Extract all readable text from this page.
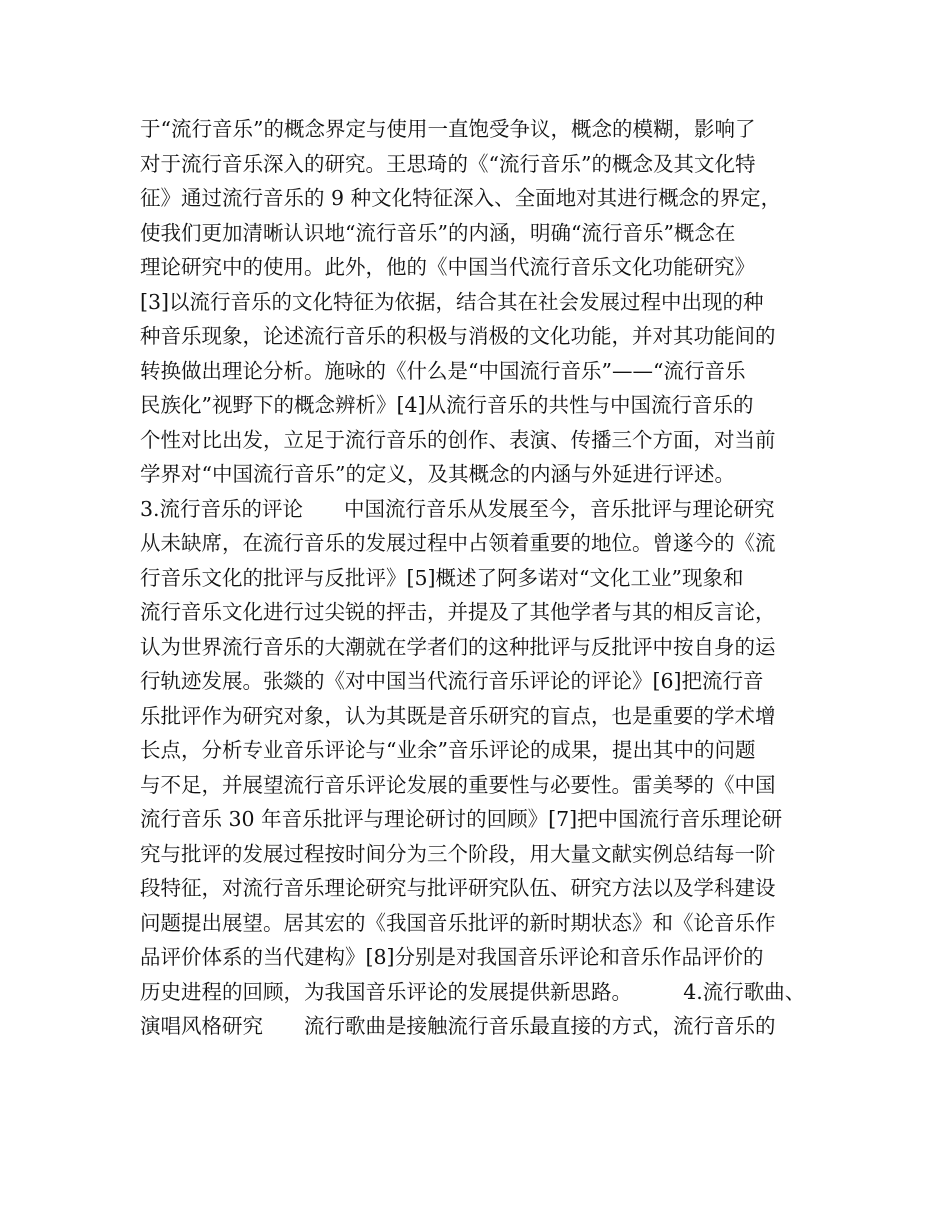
于“流行音乐”的概念界定与使用一直饱受争议，概念的模糊，影响了
对于流行音乐深入的研究。王思琦的《“流行音乐”的概念及其文化特
征》通过流行音乐的 9 种文化特征深入、全面地对其进行概念的界定，
使我们更加清晰认识地“流行音乐”的内涵，明确“流行音乐”概念在
理论研究中的使用。此外，他的《中国当代流行音乐文化功能研究》
[3]以流行音乐的文化特征为依据，结合其在社会发展过程中出现的种
种音乐现象，论述流行音乐的积极与消极的文化功能，并对其功能间的
转换做出理论分析。施咏的《什么是“中国流行音乐”——“流行音乐
民族化”视野下的概念辨析》[4]从流行音乐的共性与中国流行音乐的
个性对比出发，立足于流行音乐的创作、表演、传播三个方面，对当前
学界对“中国流行音乐”的定义，及其概念的内涵与外延进行评述。
3.流行音乐的评论　　中国流行音乐从发展至今，音乐批评与理论研究
从未缺席，在流行音乐的发展过程中占领着重要的地位。曾遂今的《流
行音乐文化的批评与反批评》[5]概述了阿多诺对“文化工业”现象和
流行音乐文化进行过尖锐的抨击，并提及了其他学者与其的相反言论，
认为世界流行音乐的大潮就在学者们的这种批评与反批评中按自身的运
行轨迹发展。张燚的《对中国当代流行音乐评论的评论》[6]把流行音
乐批评作为研究对象，认为其既是音乐研究的盲点，也是重要的学术增
长点，分析专业音乐评论与“业余”音乐评论的成果，提出其中的问题
与不足，并展望流行音乐评论发展的重要性与必要性。雷美琴的《中国
流行音乐 30 年音乐批评与理论研讨的回顾》[7]把中国流行音乐理论研
究与批评的发展过程按时间分为三个阶段，用大量文献实例总结每一阶
段特征，对流行音乐理论研究与批评研究队伍、研究方法以及学科建设
问题提出展望。居其宏的《我国音乐批评的新时期状态》和《论音乐作
品评价体系的当代建构》[8]分别是对我国音乐评论和音乐作品评价的
历史进程的回顾，为我国音乐评论的发展提供新思路。　　　4.流行歌曲、
演唱风格研究　　流行歌曲是接触流行音乐最直接的方式，流行音乐的
